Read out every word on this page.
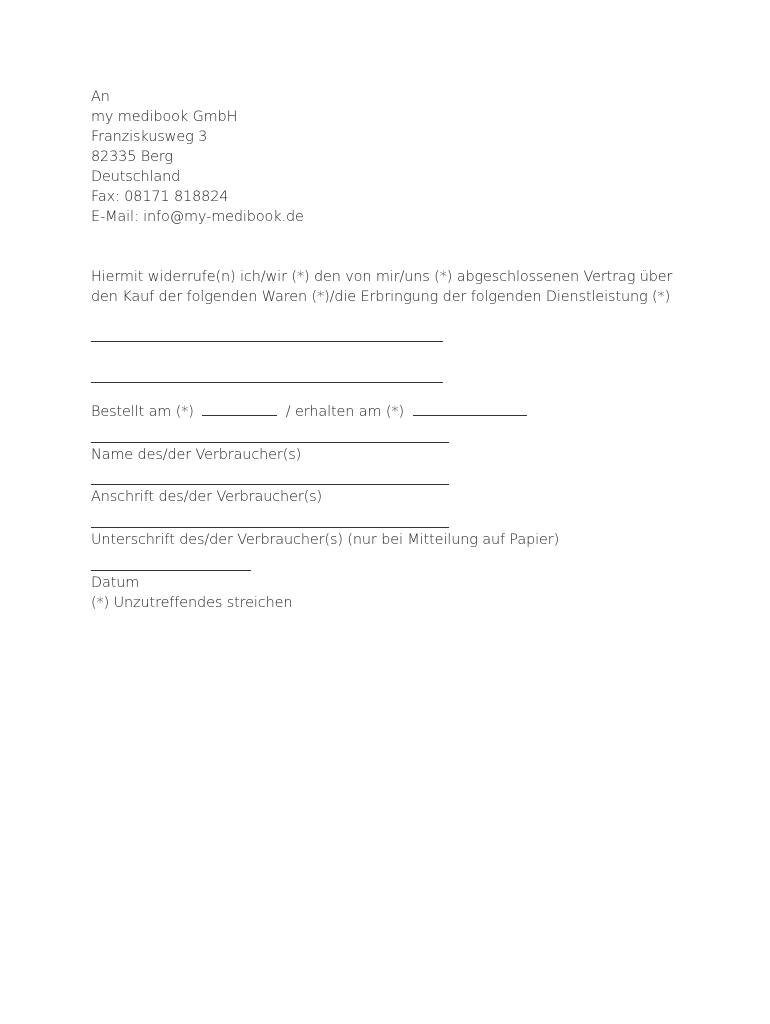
An
my medibook GmbH
Franziskusweg 3
82335 Berg
Deutschland
Fax: 08171 818824
E-Mail: info@my-medibook.de
Hiermit widerrufe(n) ich/wir (*) den von mir/uns (*) abgeschlossenen Vertrag über
den Kauf der folgenden Waren (*)/die Erbringung der folgenden Dienstleistung (*)
Bestellt am (*)	/ erhalten am (*)
Name des/der Verbraucher(s)
Anschrift des/der Verbraucher(s)
Unterschrift des/der Verbraucher(s) (nur bei Mitteilung auf Papier)
Datum
(*) Unzutreffendes streichen
